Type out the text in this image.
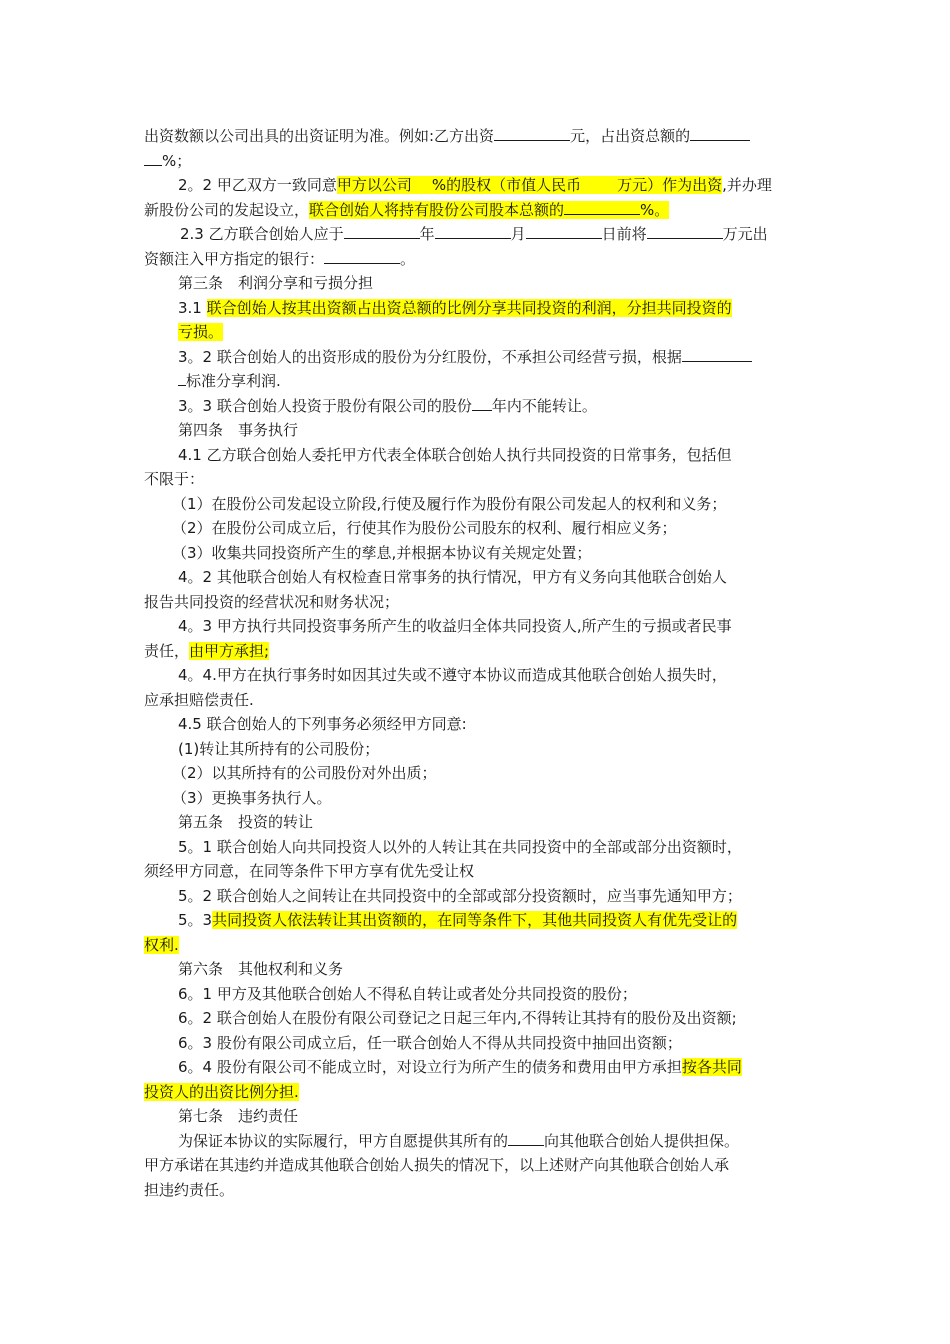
出资数额以公司出具的出资证明为准。例如:乙方出资	元，占出资总额的

%；

2。2 甲乙双方一致同意甲方以公司 %的股权（市值人民币 万元）作为出资,并办理

新股份公司的发起设立，联合创始人将持有股份公司股本总额的	%。

2.3 乙方联合创始人应于	年	月	日前将	万元出

资额注入甲方指定的银行：	。

第三条　利润分享和亏损分担

3.1 联合创始人按其出资额占出资总额的比例分享共同投资的利润，分担共同投资的

亏损。

3。2 联合创始人的出资形成的股份为分红股份，不承担公司经营亏损，根据

标准分享利润.

3。3 联合创始人投资于股份有限公司的股份 年内不能转让。

第四条　事务执行

4.1 乙方联合创始人委托甲方代表全体联合创始人执行共同投资的日常事务，包括但

不限于：

（1）在股份公司发起设立阶段,行使及履行作为股份有限公司发起人的权利和义务；

（2）在股份公司成立后，行使其作为股份公司股东的权利、履行相应义务；

（3）收集共同投资所产生的孳息,并根据本协议有关规定处置；

4。2 其他联合创始人有权检查日常事务的执行情况，甲方有义务向其他联合创始人

报告共同投资的经营状况和财务状况；

4。3 甲方执行共同投资事务所产生的收益归全体共同投资人,所产生的亏损或者民事

责任，由甲方承担;

4。4.甲方在执行事务时如因其过失或不遵守本协议而造成其他联合创始人损失时，

应承担赔偿责任.

4.5 联合创始人的下列事务必须经甲方同意:

(1)转让其所持有的公司股份；

（2）以其所持有的公司股份对外出质；

（3）更换事务执行人。

第五条　投资的转让

5。1 联合创始人向共同投资人以外的人转让其在共同投资中的全部或部分出资额时，

须经甲方同意，在同等条件下甲方享有优先受让权

5。2 联合创始人之间转让在共同投资中的全部或部分投资额时，应当事先通知甲方；

5。3共同投资人依法转让其出资额的，在同等条件下，其他共同投资人有优先受让的

权利.

第六条　其他权利和义务

6。1 甲方及其他联合创始人不得私自转让或者处分共同投资的股份；

6。2 联合创始人在股份有限公司登记之日起三年内,不得转让其持有的股份及出资额;

6。3 股份有限公司成立后，任一联合创始人不得从共同投资中抽回出资额；

6。4 股份有限公司不能成立时，对设立行为所产生的债务和费用由甲方承担按各共同

投资人的出资比例分担.

第七条　违约责任

为保证本协议的实际履行，甲方自愿提供其所有的 向其他联合创始人提供担保。

甲方承诺在其违约并造成其他联合创始人损失的情况下，以上述财产向其他联合创始人承

担违约责任。
